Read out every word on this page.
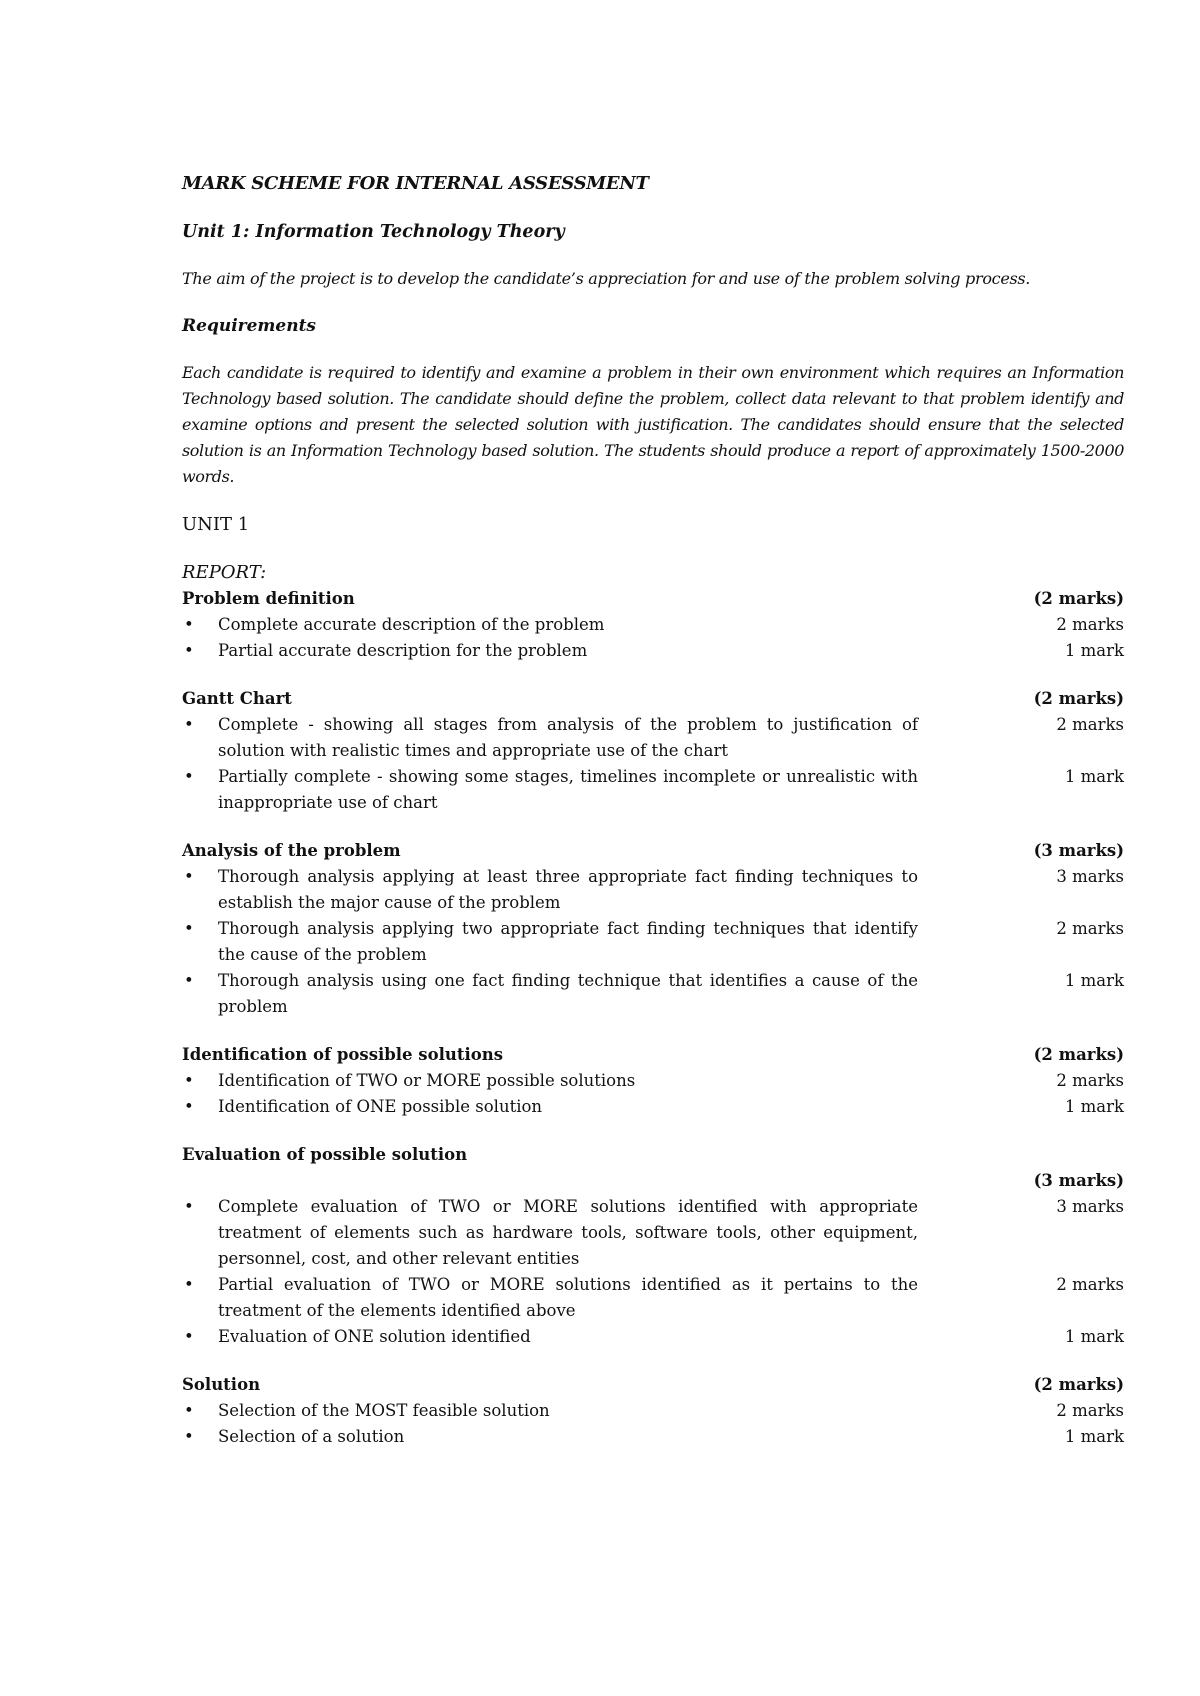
MARK SCHEME FOR INTERNAL ASSESSMENT
Unit 1: Information Technology Theory
The aim of the project is to develop the candidate’s appreciation for and use of the problem solving process.
Requirements
Each candidate is required to identify and examine a problem in their own environment which requires an Information Technology based solution. The candidate should define the problem, collect data relevant to that problem identify and examine options and present the selected solution with justification. The candidates should ensure that the selected solution is an Information Technology based solution. The students should produce a report of approximately 1500-2000 words.
UNIT 1
REPORT:
Problem definition	(2 marks)
•	Complete accurate description of the problem	2 marks
•	Partial accurate description for the problem	1 mark
Gantt Chart	(2 marks)
•	Complete - showing all stages from analysis of the problem to justification of solution with realistic times and appropriate use of the chart
2 marks
•	Partially complete - showing some stages, timelines incomplete or unrealistic with inappropriate use of chart
1 mark
Analysis of the problem	(3 marks)
•	Thorough analysis applying at least three appropriate fact finding techniques to establish the major cause of the problem
3 marks
•	Thorough analysis applying two appropriate fact finding techniques that identify the cause of the problem
2 marks
•	Thorough analysis using one fact finding technique that identifies a cause of the problem
1 mark
Identification of possible solutions	(2 marks)
•	Identification of TWO or MORE possible solutions	2 marks
•	Identification of ONE possible solution	1 mark
Evaluation of possible solution
(3 marks)
•	Complete evaluation of TWO or MORE solutions identified with appropriate treatment of elements such as hardware tools, software tools, other equipment, personnel, cost, and other relevant entities
3 marks
•	Partial evaluation of TWO or MORE solutions identified as it pertains to the treatment of the elements identified above
2 marks
•	Evaluation of ONE solution identified	1 mark
Solution	(2 marks)
•	Selection of the MOST feasible solution	2 marks
•	Selection of a solution	1 mark
